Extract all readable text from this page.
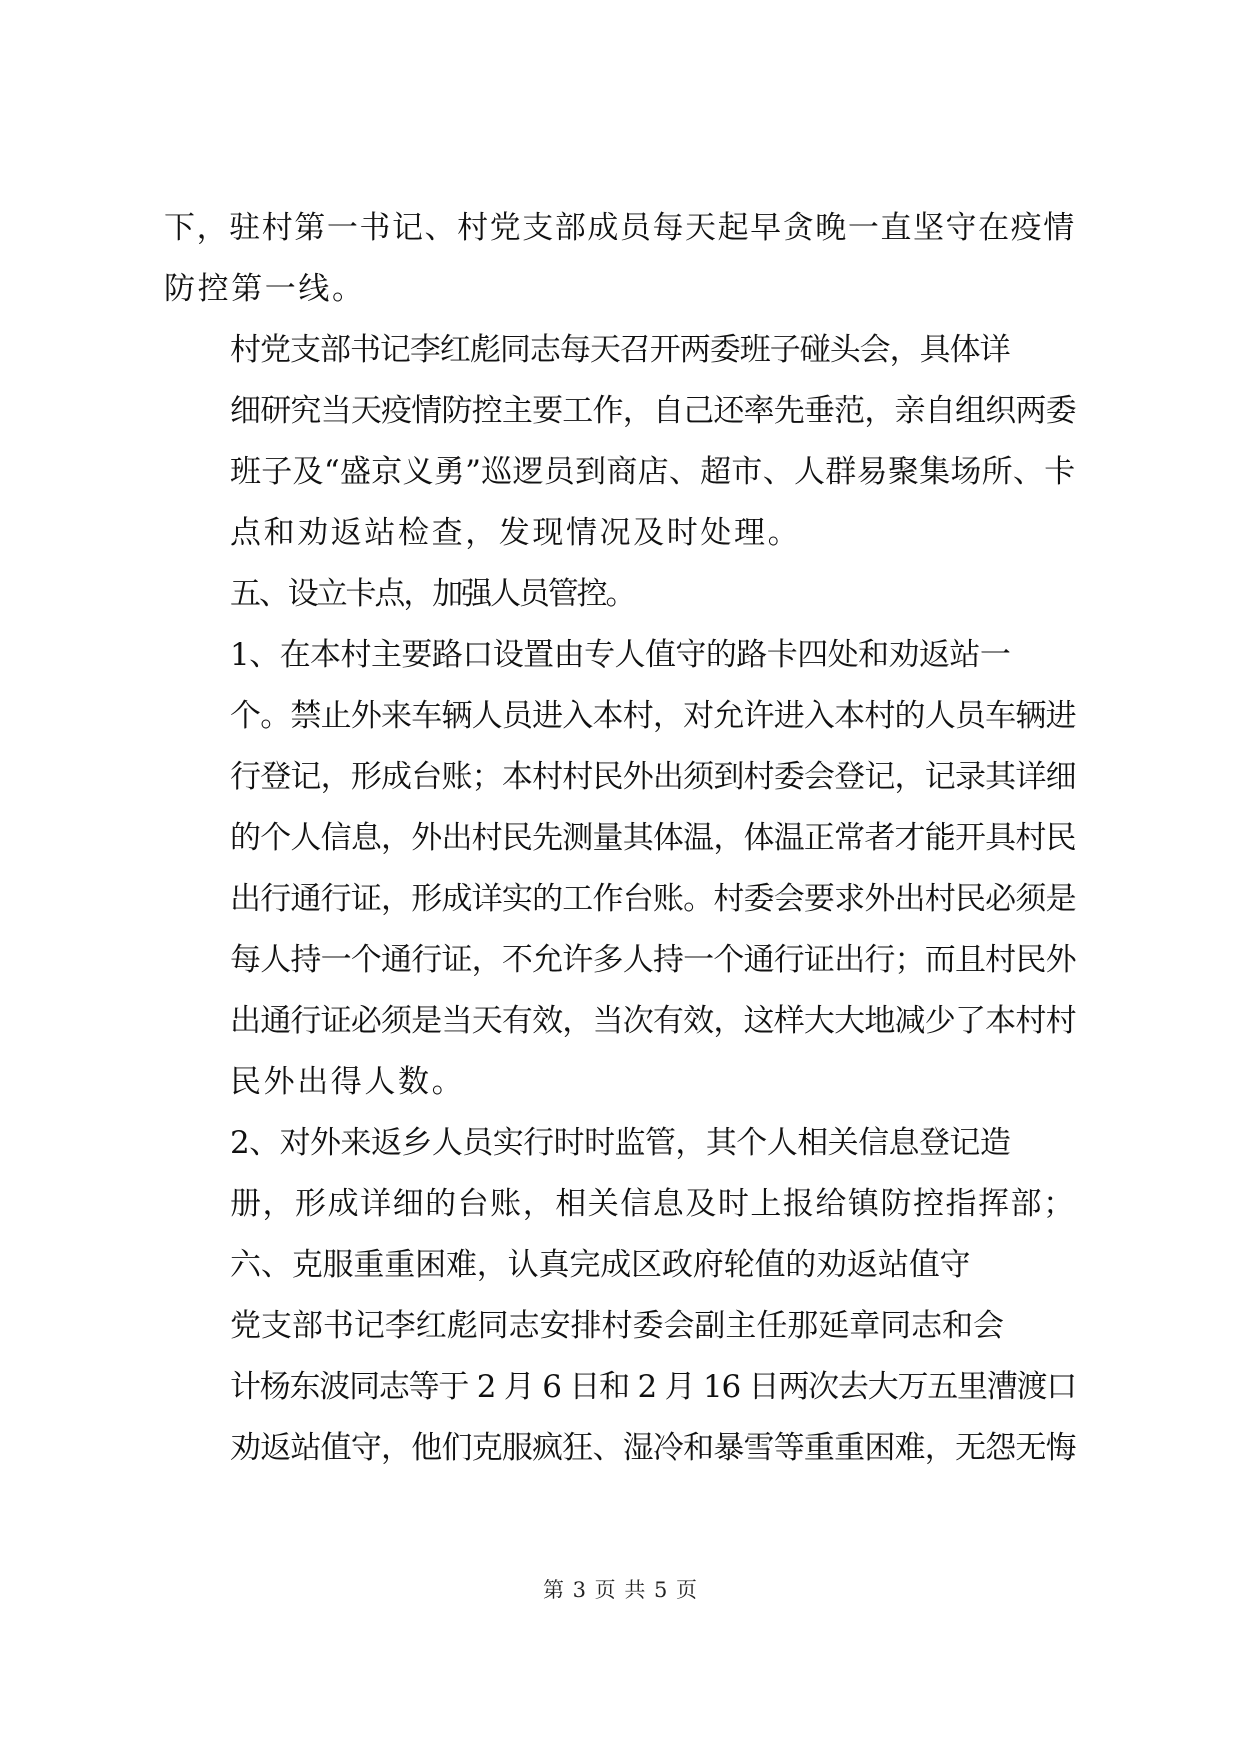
下，驻村第一书记、村党支部成员每天起早贪晚一直坚守在疫情
防控第一线。

村党支部书记李红彪同志每天召开两委班子碰头会，具体详
细研究当天疫情防控主要工作，自己还率先垂范，亲自组织两委
班子及“盛京义勇”巡逻员到商店、超市、人群易聚集场所、卡
点和劝返站检查，发现情况及时处理。

五、设立卡点，加强人员管控。

1、在本村主要路口设置由专人值守的路卡四处和劝返站一
个。禁止外来车辆人员进入本村，对允许进入本村的人员车辆进
行登记，形成台账；本村村民外出须到村委会登记，记录其详细
的个人信息，外出村民先测量其体温，体温正常者才能开具村民
出行通行证，形成详实的工作台账。村委会要求外出村民必须是
每人持一个通行证，不允许多人持一个通行证出行；而且村民外
出通行证必须是当天有效，当次有效，这样大大地减少了本村村
民外出得人数。

2、对外来返乡人员实行时时监管，其个人相关信息登记造
册，形成详细的台账，相关信息及时上报给镇防控指挥部；

六、克服重重困难，认真完成区政府轮值的劝返站值守

党支部书记李红彪同志安排村委会副主任那延章同志和会
计杨东波同志等于 2 月 6 日和 2 月 16 日两次去大万五里漕渡口
劝返站值守，他们克服疯狂、湿冷和暴雪等重重困难，无怨无悔

第 3 页 共 5 页
